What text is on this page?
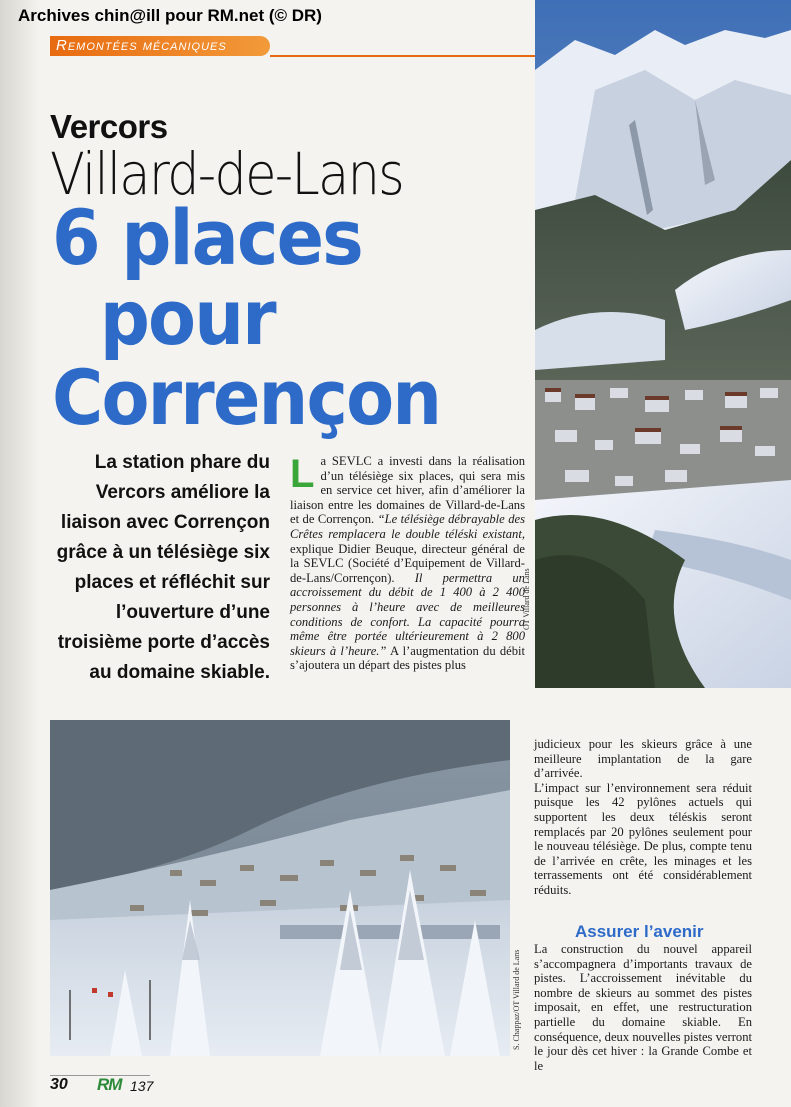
Archives chin@ill pour RM.net (© DR)
Remontées mécaniques
Vercors
Villard-de-Lans
6 places
pour
Corrençon
La station phare du Vercors améliore la liaison avec Corrençon grâce à un télésiège six places et réfléchit sur l’ouverture d’une troisième porte d’accès au domaine skiable.
La SEVLC a investi dans la réalisation d’un télésiège six places, qui sera mis en service cet hiver, afin d’améliorer la liaison entre les domaines de Villard-de-Lans et de Corrençon. “Le télésiège débrayable des Crêtes remplacera le double téléski existant, explique Didier Beuque, directeur général de la SEVLC (Société d’Equipement de Villard-de-Lans/Corrençon). Il permettra un accroissement du débit de 1 400 à 2 400 personnes à l’heure avec de meilleures conditions de confort. La capacité pourra même être portée ultérieurement à 2 800 skieurs à l’heure.” A l’augmentation du débit s’ajoutera un départ des pistes plus
OT Villard de Lans
S. Chappaz/OT Villard de Lans

judicieux pour les skieurs grâce à une meilleure implantation de la gare d’arrivée.

L’impact sur l’environnement sera réduit puisque les 42 pylônes actuels qui supportent les deux téléskis seront remplacés par 20 pylônes seulement pour le nouveau télésiège. De plus, compte tenu de l’arrivée en crête, les minages et les terrassements ont été considérablement réduits.

Assurer l’avenir
La construction du nouvel appareil s’accompagnera d’importants travaux de pistes. L’accroissement inévitable du nombre de skieurs au sommet des pistes imposait, en effet, une restructuration partielle du domaine skiable. En conséquence, deux nouvelles pistes verront le jour dès cet hiver : la Grande Combe et le
30 RM 137
